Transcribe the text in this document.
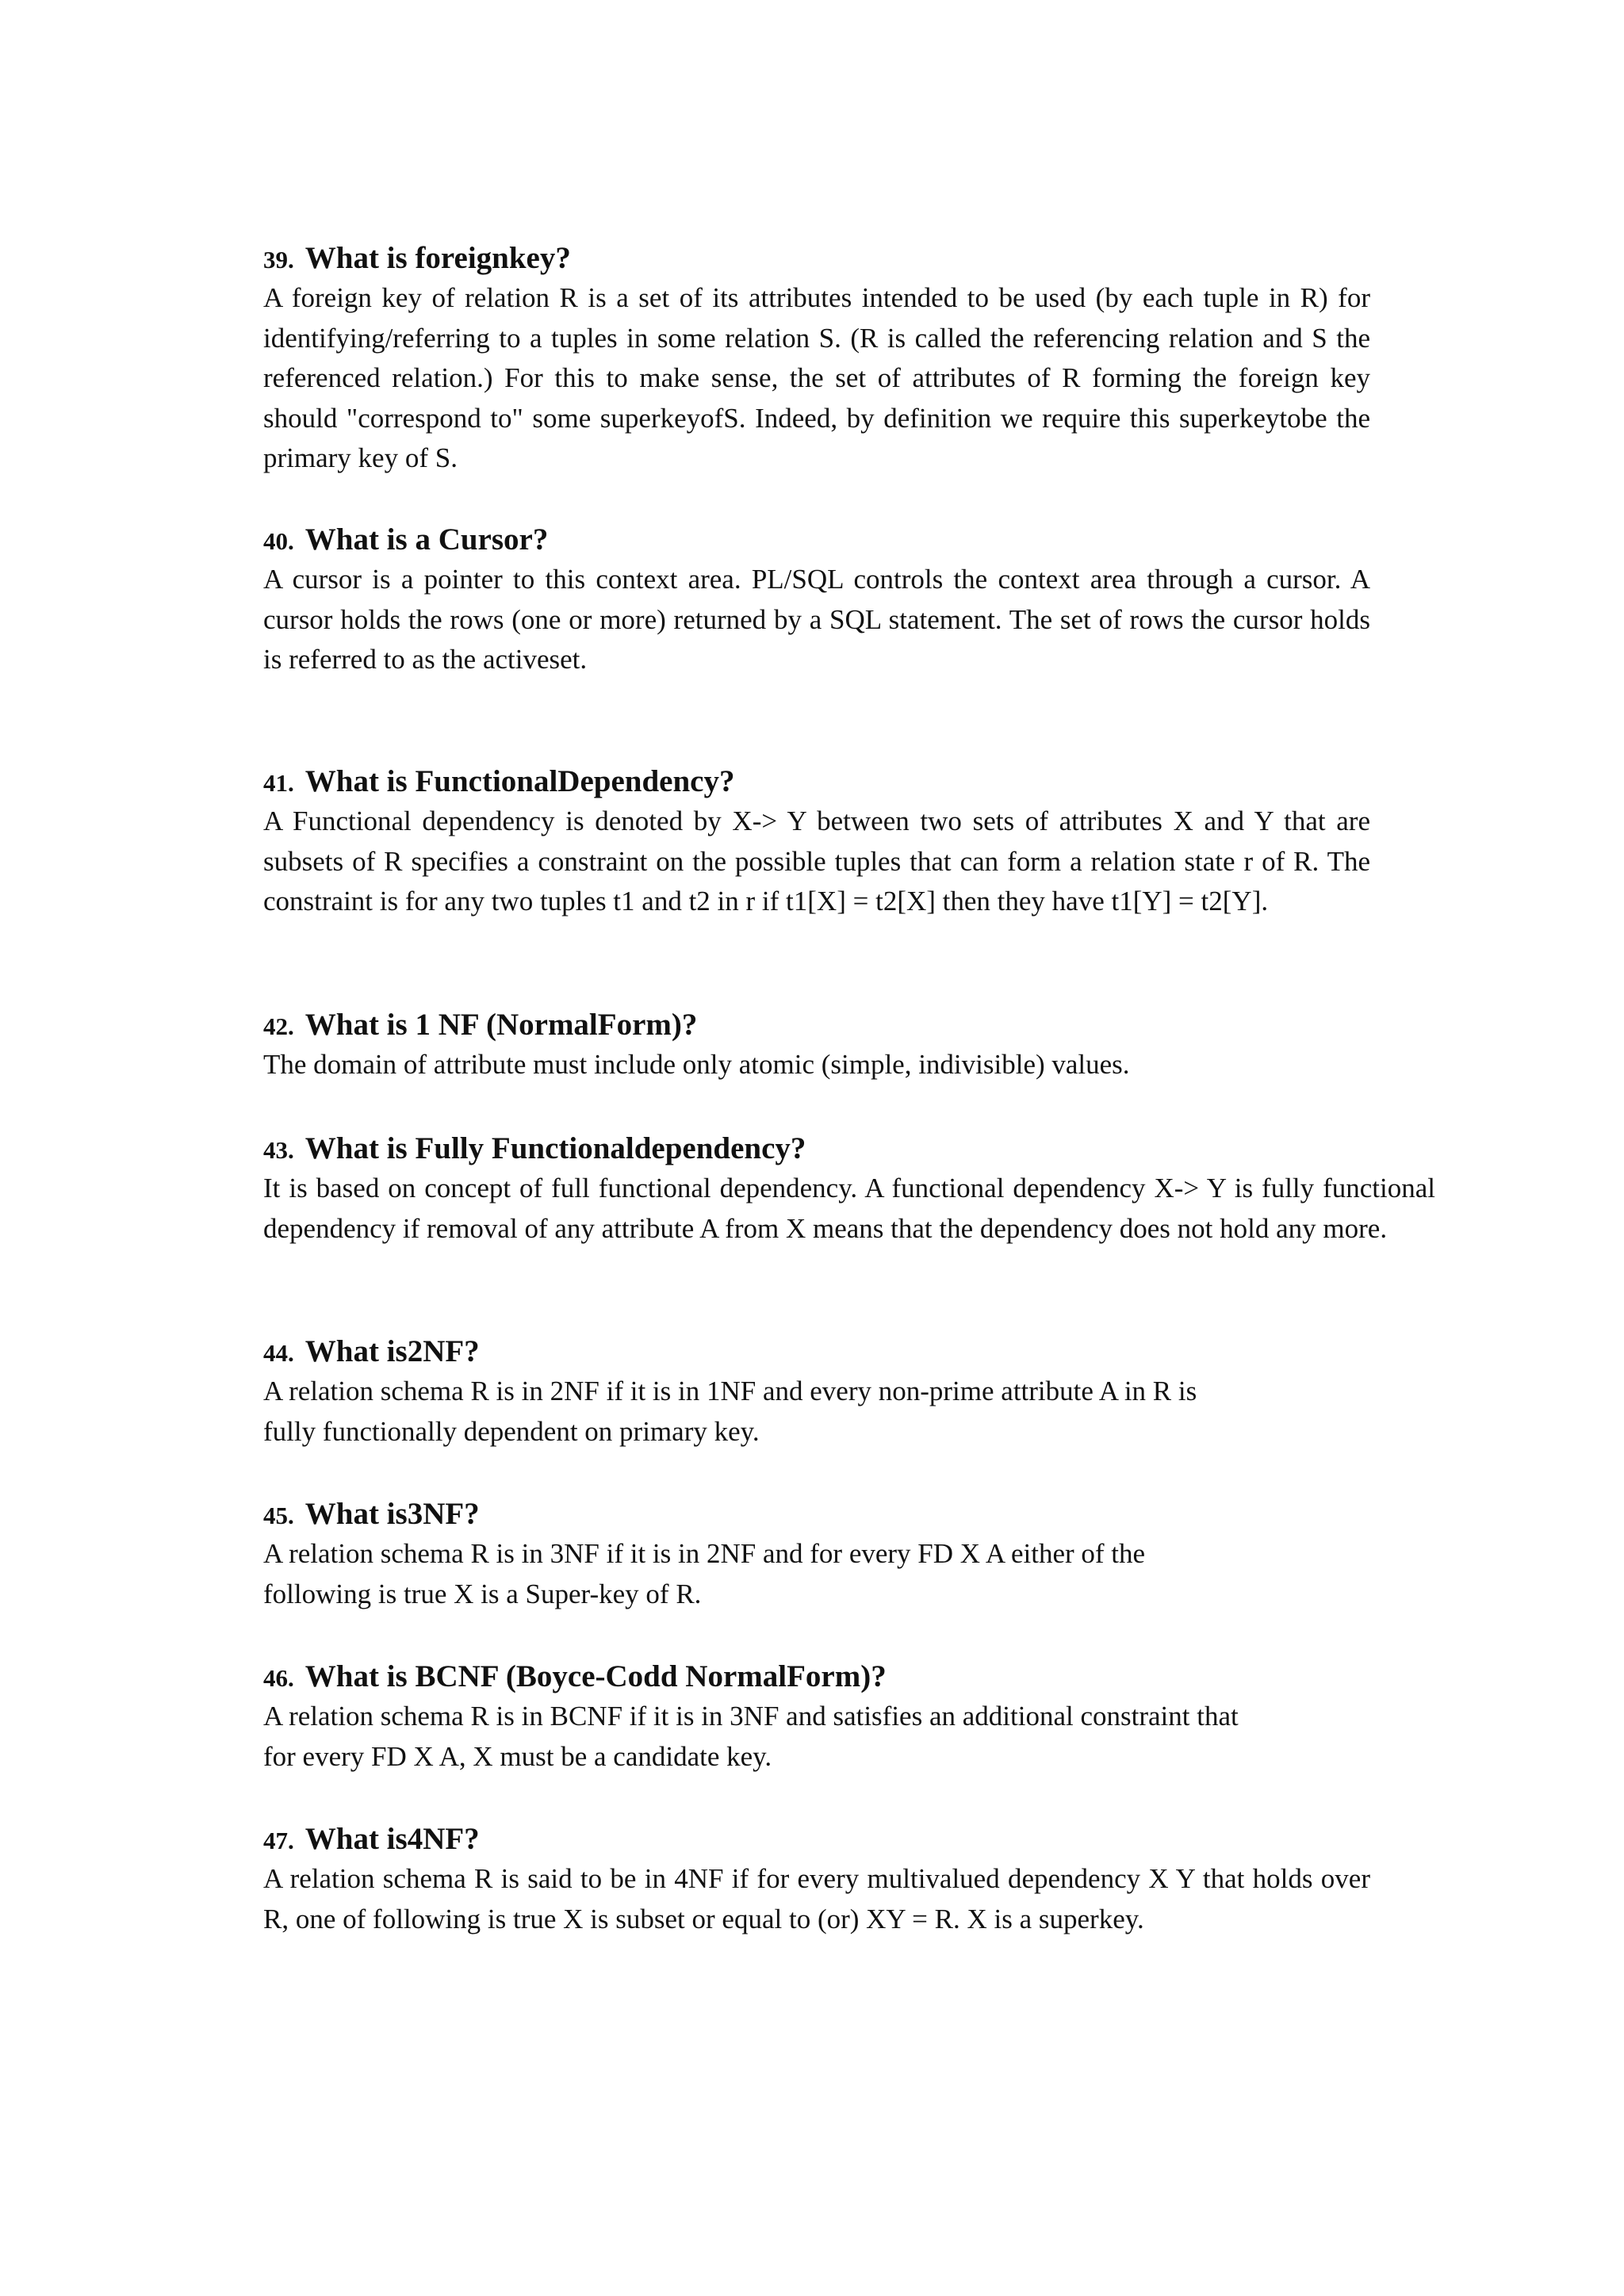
39. What is foreignkey?

A foreign key of relation R is a set of its attributes intended to be used (by each tuple in R) for identifying/referring to a tuples in some relation S. (R is called the referencing relation and S the referenced relation.) For this to make sense, the set of attributes of R forming the foreign key should "correspond to" some superkeyofS. Indeed, by definition we require this superkeytobe the primary key of S.

40. What is a Cursor?

A cursor is a pointer to this context area. PL/SQL controls the context area through a cursor. A cursor holds the rows (one or more) returned by a SQL statement. The set of rows the cursor holds is referred to as the activeset.

41. What is FunctionalDependency?

A Functional dependency is denoted by X-> Y between two sets of attributes X and Y that are subsets of R specifies a constraint on the possible tuples that can form a relation state r of R. The constraint is for any two tuples t1 and t2 in r if t1[X] = t2[X] then they have t1[Y] = t2[Y].

42. What is 1 NF (NormalForm)?

The domain of attribute must include only atomic (simple, indivisible) values.

43. What is Fully Functionaldependency?

It is based on concept of full functional dependency. A functional dependency X-> Y is fully functional dependency if removal of any attribute A from X means that the dependency does not hold any more.

44. What is2NF?

A relation schema R is in 2NF if it is in 1NF and every non-prime attribute A in R is
fully functionally dependent on primary key.

45. What is3NF?

A relation schema R is in 3NF if it is in 2NF and for every FD X A either of the
following is true X is a Super-key of R.

46. What is BCNF (Boyce-Codd NormalForm)?

A relation schema R is in BCNF if it is in 3NF and satisfies an additional constraint that
for every FD X A, X must be a candidate key.

47. What is4NF?

A relation schema R is said to be in 4NF if for every multivalued dependency X Y that holds over R, one of following is true X is subset or equal to (or) XY = R. X is a superkey.
